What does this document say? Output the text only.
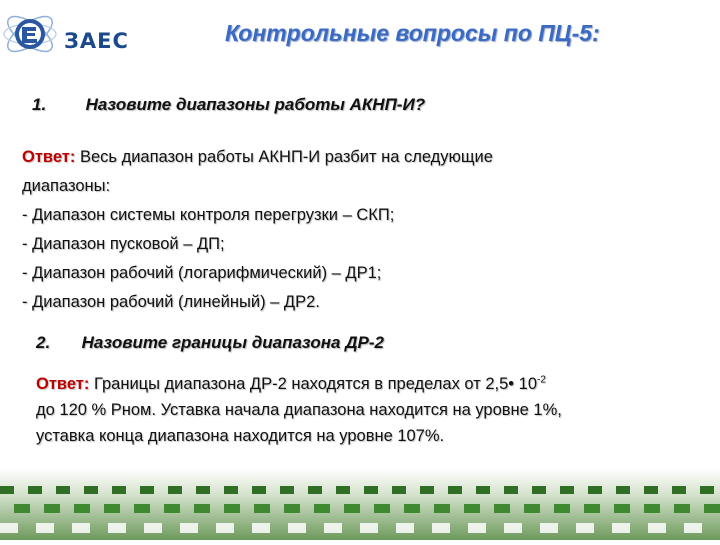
ЗАЕС	Контрольные вопросы по ПЦ-5:
1. Назовите диапазоны работы АКНП-И?
Ответ: Весь диапазон работы АКНП-И разбит на следующие
диапазоны:
- Диапазон системы контроля перегрузки – СКП;
- Диапазон пусковой – ДП;
- Диапазон рабочий (логарифмический) – ДР1;
- Диапазон рабочий (линейный) – ДР2.
2. Назовите границы диапазона ДР-2
Ответ: Границы диапазона ДР-2 находятся в пределах от 2,5• $10^{-2}$
до 120 % Рном. Уставка начала диапазона находится на уровне 1%,
уставка конца диапазона находится на уровне 107%.
